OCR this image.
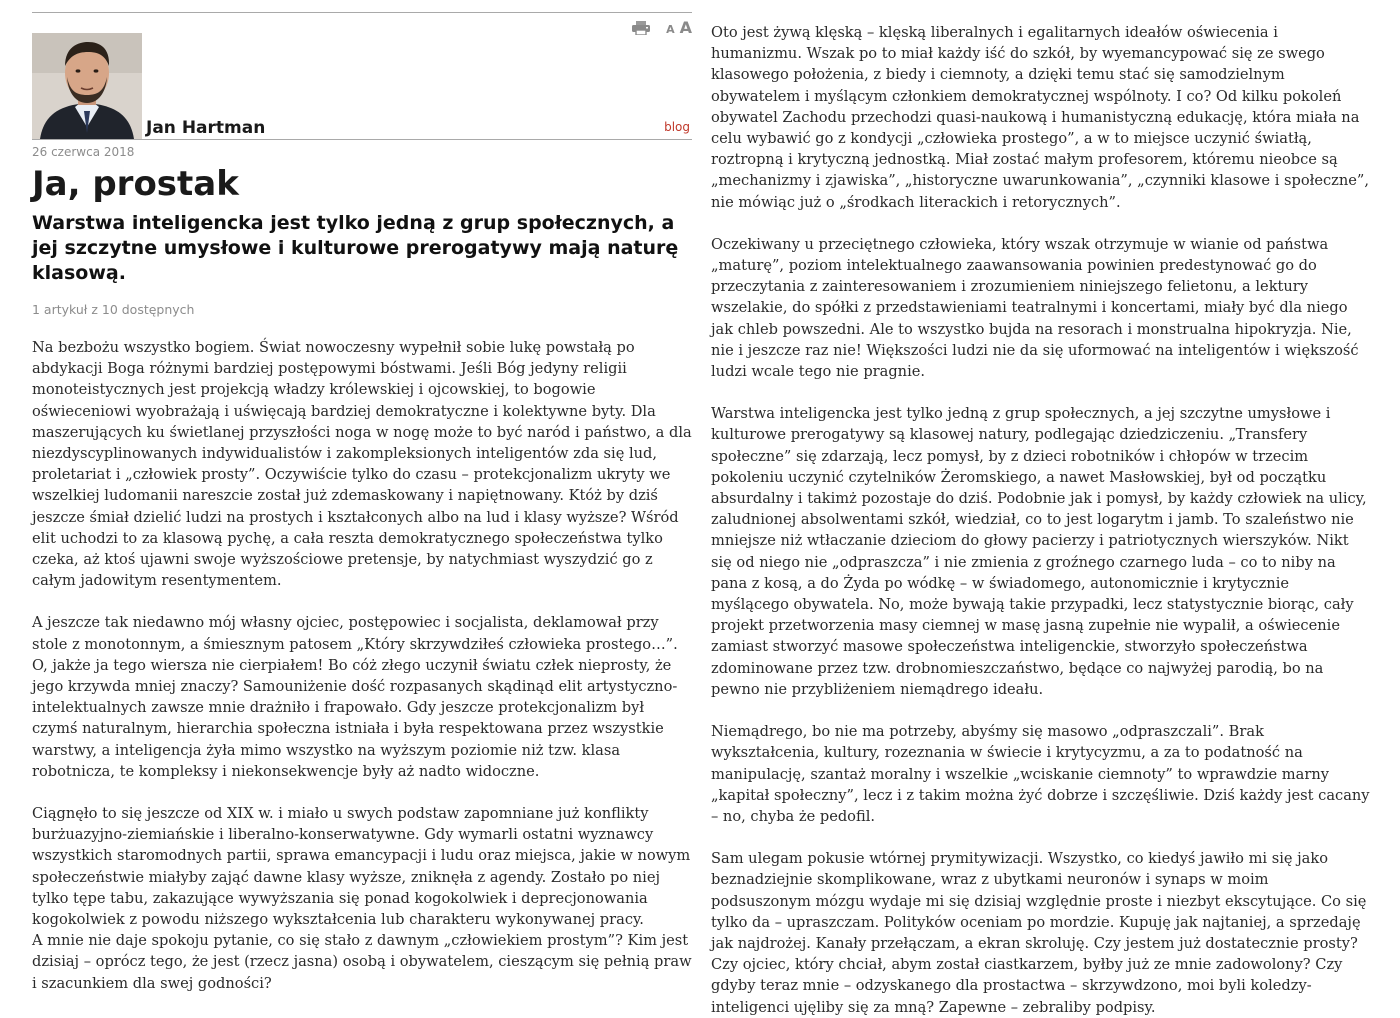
A A
Jan Hartman	blog
26 czerwca 2018
Ja, prostak
Warstwa inteligencka jest tylko jedną z grup społecznych, a jej szczytne umysłowe i kulturowe prerogatywy mają naturę klasową.
1 artykuł z 10 dostępnych

Na bezbożu wszystko bogiem. Świat nowoczesny wypełnił sobie lukę powstałą po abdykacji Boga różnymi bardziej postępowymi bóstwami. Jeśli Bóg jedyny religii monoteistycznych jest projekcją władzy królewskiej i ojcowskiej, to bogowie oświeceniowi wyobrażają i uświęcają bardziej demokratyczne i kolektywne byty. Dla maszerujących ku świetlanej przyszłości noga w nogę może to być naród i państwo, a dla niezdyscyplinowanych indywidualistów i zakompleksionych inteligentów zda się lud, proletariat i „człowiek prosty”. Oczywiście tylko do czasu – protekcjonalizm ukryty we wszelkiej ludomanii nareszcie został już zdemaskowany i napiętnowany. Któż by dziś jeszcze śmiał dzielić ludzi na prostych i kształconych albo na lud i klasy wyższe? Wśród elit uchodzi to za klasową pychę, a cała reszta demokratycznego społeczeństwa tylko czeka, aż ktoś ujawni swoje wyższościowe pretensje, by natychmiast wyszydzić go z całym jadowitym resentymentem.

A jeszcze tak niedawno mój własny ojciec, postępowiec i socjalista, deklamował przy stole z monotonnym, a śmiesznym patosem „Który skrzywdziłeś człowieka prostego…”. O, jakże ja tego wiersza nie cierpiałem! Bo cóż złego uczynił światu człek nieprosty, że jego krzywda mniej znaczy? Samouniżenie dość rozpasanych skądinąd elit artystyczno-intelektualnych zawsze mnie drażniło i frapowało. Gdy jeszcze protekcjonalizm był czymś naturalnym, hierarchia społeczna istniała i była respektowana przez wszystkie warstwy, a inteligencja żyła mimo wszystko na wyższym poziomie niż tzw. klasa robotnicza, te kompleksy i niekonsekwencje były aż nadto widoczne.

Ciągnęło to się jeszcze od XIX w. i miało u swych podstaw zapomniane już konflikty burżuazyjno-ziemiańskie i liberalno-konserwatywne. Gdy wymarli ostatni wyznawcy wszystkich staromodnych partii, sprawa emancypacji i ludu oraz miejsca, jakie w nowym społeczeństwie miałyby zająć dawne klasy wyższe, zniknęła z agendy. Zostało po niej tylko tępe tabu, zakazujące wywyższania się ponad kogokolwiek i deprecjonowania kogokolwiek z powodu niższego wykształcenia lub charakteru wykonywanej pracy.

A mnie nie daje spokoju pytanie, co się stało z dawnym „człowiekiem prostym”? Kim jest dzisiaj – oprócz tego, że jest (rzecz jasna) osobą i obywatelem, cieszącym się pełnią praw i szacunkiem dla swej godności?

Oto jest żywą klęską – klęską liberalnych i egalitarnych ideałów oświecenia i humanizmu. Wszak po to miał każdy iść do szkół, by wyemancypować się ze swego klasowego położenia, z biedy i ciemnoty, a dzięki temu stać się samodzielnym obywatelem i myślącym członkiem demokratycznej wspólnoty. I co? Od kilku pokoleń obywatel Zachodu przechodzi quasi-naukową i humanistyczną edukację, która miała na celu wybawić go z kondycji „człowieka prostego”, a w to miejsce uczynić światłą, roztropną i krytyczną jednostką. Miał zostać małym profesorem, któremu nieobce są „mechanizmy i zjawiska”, „historyczne uwarunkowania”, „czynniki klasowe i społeczne”, nie mówiąc już o „środkach literackich i retorycznych”.

Oczekiwany u przeciętnego człowieka, który wszak otrzymuje w wianie od państwa „maturę”, poziom intelektualnego zaawansowania powinien predestynować go do przeczytania z zainteresowaniem i zrozumieniem niniejszego felietonu, a lektury wszelakie, do spółki z przedstawieniami teatralnymi i koncertami, miały być dla niego jak chleb powszedni. Ale to wszystko bujda na resorach i monstrualna hipokryzja. Nie, nie i jeszcze raz nie! Większości ludzi nie da się uformować na inteligentów i większość ludzi wcale tego nie pragnie.

Warstwa inteligencka jest tylko jedną z grup społecznych, a jej szczytne umysłowe i kulturowe prerogatywy są klasowej natury, podlegając dziedziczeniu. „Transfery społeczne” się zdarzają, lecz pomysł, by z dzieci robotników i chłopów w trzecim pokoleniu uczynić czytelników Żeromskiego, a nawet Masłowskiej, był od początku absurdalny i takimż pozostaje do dziś. Podobnie jak i pomysł, by każdy człowiek na ulicy, zaludnionej absolwentami szkół, wiedział, co to jest logarytm i jamb. To szaleństwo nie mniejsze niż wtłaczanie dzieciom do głowy pacierzy i patriotycznych wierszyków. Nikt się od niego nie „odpraszcza” i nie zmienia z groźnego czarnego luda – co to niby na pana z kosą, a do Żyda po wódkę – w świadomego, autonomicznie i krytycznie myślącego obywatela. No, może bywają takie przypadki, lecz statystycznie biorąc, cały projekt przetworzenia masy ciemnej w masę jasną zupełnie nie wypalił, a oświecenie zamiast stworzyć masowe społeczeństwa inteligenckie, stworzyło społeczeństwa zdominowane przez tzw. drobnomieszczaństwo, będące co najwyżej parodią, bo na pewno nie przybliżeniem niemądrego ideału.

Niemądrego, bo nie ma potrzeby, abyśmy się masowo „odpraszczali”. Brak wykształcenia, kultury, rozeznania w świecie i krytycyzmu, a za to podatność na manipulację, szantaż moralny i wszelkie „wciskanie ciemnoty” to wprawdzie marny „kapitał społeczny”, lecz i z takim można żyć dobrze i szczęśliwie. Dziś każdy jest cacany – no, chyba że pedofil.

Sam ulegam pokusie wtórnej prymitywizacji. Wszystko, co kiedyś jawiło mi się jako beznadziejnie skomplikowane, wraz z ubytkami neuronów i synaps w moim podsuszonym mózgu wydaje mi się dzisiaj względnie proste i niezbyt ekscytujące. Co się tylko da – upraszczam. Polityków oceniam po mordzie. Kupuję jak najtaniej, a sprzedaję jak najdrożej. Kanały przełączam, a ekran skroluję. Czy jestem już dostatecznie prosty? Czy ojciec, który chciał, abym został ciastkarzem, byłby już ze mnie zadowolony? Czy gdyby teraz mnie – odzyskanego dla prostactwa – skrzywdzono, moi byli koledzy-inteligenci ujęliby się za mną? Zapewne – zebraliby podpisy.
